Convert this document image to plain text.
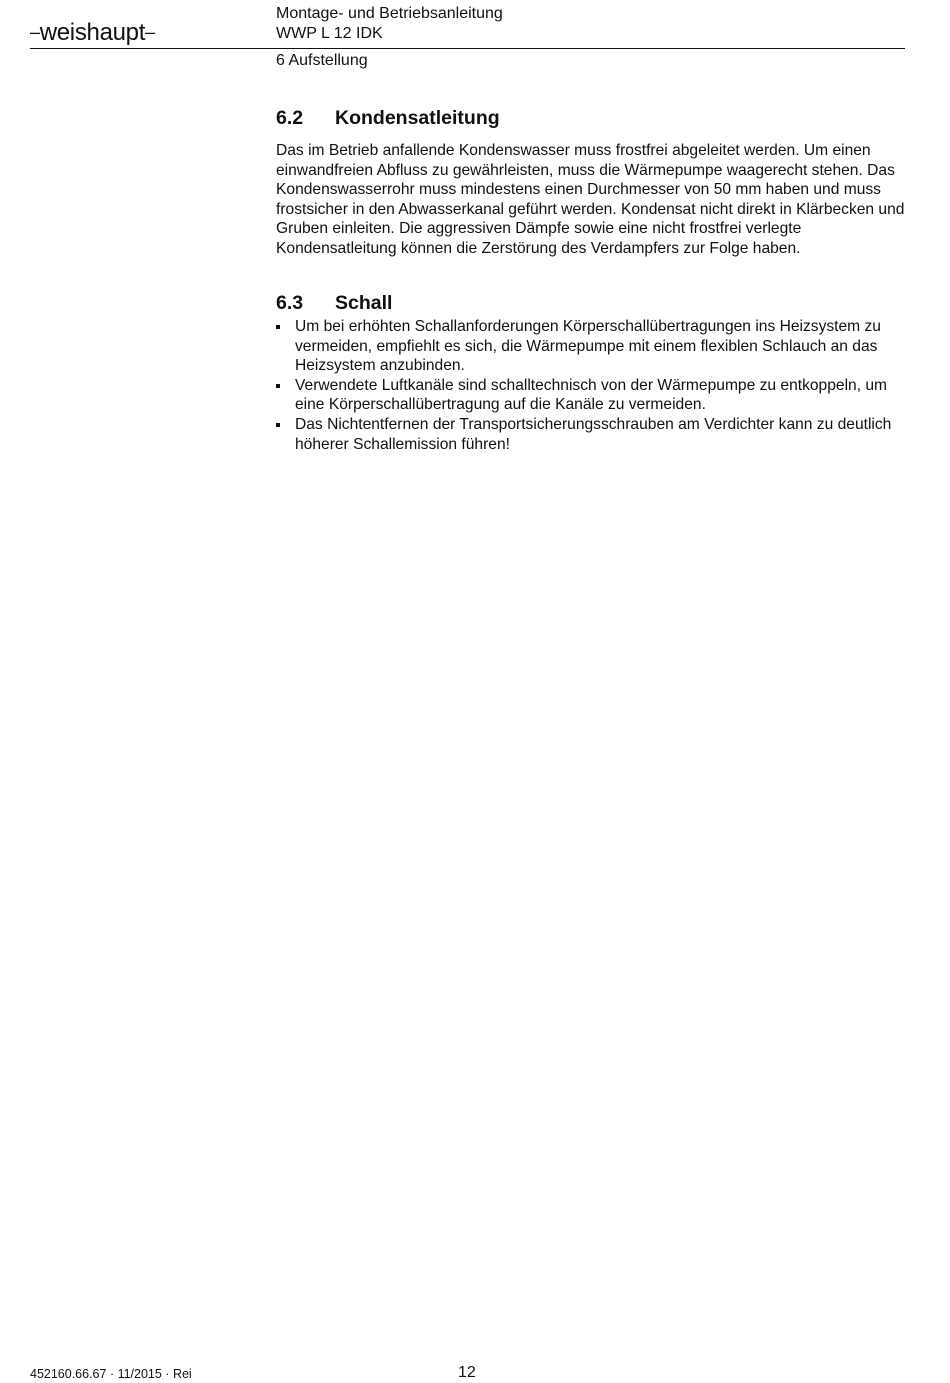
–weishaupt–
Montage- und Betriebsanleitung
WWP L 12 IDK
6 Aufstellung
6.2	Kondensatleitung

Das im Betrieb anfallende Kondenswasser muss frostfrei abgeleitet werden. Um einen einwandfreien Abfluss zu gewährleisten, muss die Wärmepumpe waagerecht stehen. Das Kondenswasserrohr muss mindestens einen Durchmesser von 50 mm haben und muss frostsicher in den Abwasserkanal geführt werden. Kondensat nicht direkt in Klärbecken und Gruben einleiten. Die aggressiven Dämpfe sowie eine nicht frostfrei verlegte Kondensatleitung können die Zerstörung des Verdampfers zur Folge haben.

6.3	Schall
Um bei erhöhten Schallanforderungen Körperschallübertragungen ins Heizsystem zu vermeiden, empfiehlt es sich, die Wärmepumpe mit einem flexiblen Schlauch an das Heizsystem anzubinden.
Verwendete Luftkanäle sind schalltechnisch von der Wärmepumpe zu entkoppeln, um eine Körperschallübertragung auf die Kanäle zu vermeiden.
Das Nichtentfernen der Transportsicherungsschrauben am Verdichter kann zu deutlich höherer Schallemission führen!
452160.66.67 · 11/2015 · Rei	12
